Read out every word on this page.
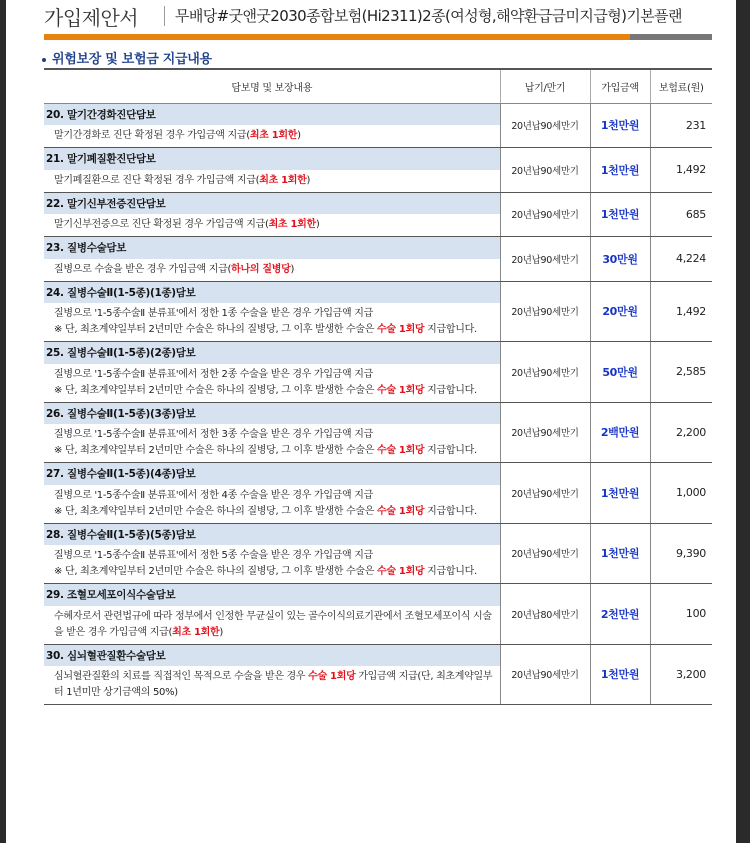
가입제안서 무배당#굿앤굿2030종합보험(Hi2311)2종(여성형,해약환급금미지급형)기본플랜
위험보장 및 보험금 지급내용
담보명 및 보장내용	납기/만기	가입금액	보험료(원)
20. 말기간경화진단담보	20년납90세만기	1천만원	231
말기간경화로 진단 확정된 경우 가입금액 지급(최초 1회한)			
21. 말기폐질환진단담보	20년납90세만기	1천만원	1,492
말기폐질환으로 진단 확정된 경우 가입금액 지급(최초 1회한)			
22. 말기신부전증진단담보	20년납90세만기	1천만원	685
말기신부전증으로 진단 확정된 경우 가입금액 지급(최초 1회한)			
23. 질병수술담보	20년납90세만기	30만원	4,224
질병으로 수술을 받은 경우 가입금액 지급(하나의 질병당)			
24. 질병수술Ⅱ(1-5종)(1종)담보	20년납90세만기	20만원	1,492
질병으로 '1-5종수술Ⅱ 분류표'에서 정한 1종 수술을 받은 경우 가입금액 지급
※ 단, 최초계약일부터 2년미만 수술은 하나의 질병당, 그 이후 발생한 수술은 수술 1회당 지급합니다.			
25. 질병수술Ⅱ(1-5종)(2종)담보	20년납90세만기	50만원	2,585
질병으로 '1-5종수술Ⅱ 분류표'에서 정한 2종 수술을 받은 경우 가입금액 지급
※ 단, 최초계약일부터 2년미만 수술은 하나의 질병당, 그 이후 발생한 수술은 수술 1회당 지급합니다.			
26. 질병수술Ⅱ(1-5종)(3종)담보	20년납90세만기	2백만원	2,200
질병으로 '1-5종수술Ⅱ 분류표'에서 정한 3종 수술을 받은 경우 가입금액 지급
※ 단, 최초계약일부터 2년미만 수술은 하나의 질병당, 그 이후 발생한 수술은 수술 1회당 지급합니다.			
27. 질병수술Ⅱ(1-5종)(4종)담보	20년납90세만기	1천만원	1,000
질병으로 '1-5종수술Ⅱ 분류표'에서 정한 4종 수술을 받은 경우 가입금액 지급
※ 단, 최초계약일부터 2년미만 수술은 하나의 질병당, 그 이후 발생한 수술은 수술 1회당 지급합니다.			
28. 질병수술Ⅱ(1-5종)(5종)담보	20년납90세만기	1천만원	9,390
질병으로 '1-5종수술Ⅱ 분류표'에서 정한 5종 수술을 받은 경우 가입금액 지급
※ 단, 최초계약일부터 2년미만 수술은 하나의 질병당, 그 이후 발생한 수술은 수술 1회당 지급합니다.			
29. 조혈모세포이식수술담보	20년납80세만기	2천만원	100
수혜자로서 관련법규에 따라 정부에서 인정한 무균실이 있는 골수이식의료기관에서 조혈모세포이식 시술을 받은 경우 가입금액 지급(최초 1회한)			
30. 심뇌혈관질환수술담보	20년납90세만기	1천만원	3,200
심뇌혈관질환의 치료를 직접적인 목적으로 수술을 받은 경우 수술 1회당 가입금액 지급(단, 최초계약일부터 1년미만 상기금액의 50%)			
